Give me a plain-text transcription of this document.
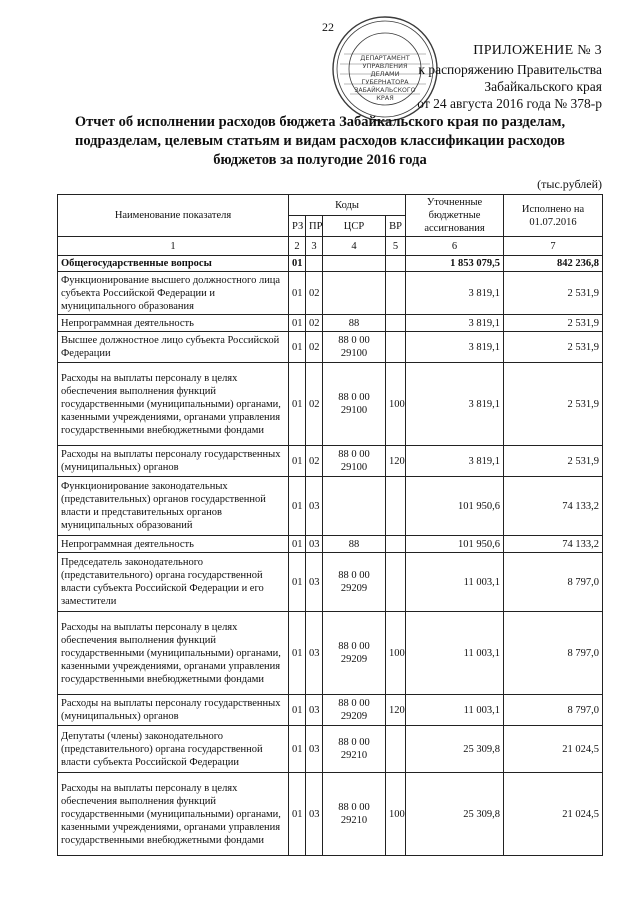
22
ДЕПАРТАМЕНТ
УПРАВЛЕНИЯ
ДЕЛАМИ
ГУБЕРНАТОРА
ЗАБАЙКАЛЬСКОГО
КРАЯ
ПРИЛОЖЕНИЕ № 3
к распоряжению Правительства
Забайкальского края
от 24 августа 2016 года № 378-р
Отчет об исполнении расходов бюджета Забайкальского края по разделам, подразделам, целевым статьям и видам расходов классификации расходов бюджетов за полугодие 2016 года
(тыс.рублей)
Наименование показателя	Коды				Уточненные бюджетные ассигнования	Исполнено на 01.07.2016
	РЗ	ПР	ЦСР	ВР		
1	2	3	4	5	6	7
Общегосударственные вопросы	01				1 853 079,5	842 236,8
Функционирование высшего должностного лица субъекта Российской Федерации и муниципального образования	01	02			3 819,1	2 531,9
Непрограммная деятельность	01	02	88		3 819,1	2 531,9
Высшее должностное лицо субъекта Российской Федерации	01	02	88 0 00 29100		3 819,1	2 531,9
Расходы на выплаты персоналу в целях обеспечения выполнения функций государственными (муниципальными) органами, казенными учреждениями, органами управления государственными внебюджетными фондами	01	02	88 0 00 29100	100	3 819,1	2 531,9
Расходы на выплаты персоналу государственных (муниципальных) органов	01	02	88 0 00 29100	120	3 819,1	2 531,9
Функционирование законодательных (представительных) органов государственной власти и представительных органов муниципальных образований	01	03			101 950,6	74 133,2
Непрограммная деятельность	01	03	88		101 950,6	74 133,2
Председатель законодательного (представительного) органа государственной власти субъекта Российской Федерации и его заместители	01	03	88 0 00 29209		11 003,1	8 797,0
Расходы на выплаты персоналу в целях обеспечения выполнения функций государственными (муниципальными) органами, казенными учреждениями, органами управления государственными внебюджетными фондами	01	03	88 0 00 29209	100	11 003,1	8 797,0
Расходы на выплаты персоналу государственных (муниципальных) органов	01	03	88 0 00 29209	120	11 003,1	8 797,0
Депутаты (члены) законодательного (представительного) органа государственной власти субъекта Российской Федерации	01	03	88 0 00 29210		25 309,8	21 024,5
Расходы на выплаты персоналу в целях обеспечения выполнения функций государственными (муниципальными) органами, казенными учреждениями, органами управления государственными внебюджетными фондами	01	03	88 0 00 29210	100	25 309,8	21 024,5
